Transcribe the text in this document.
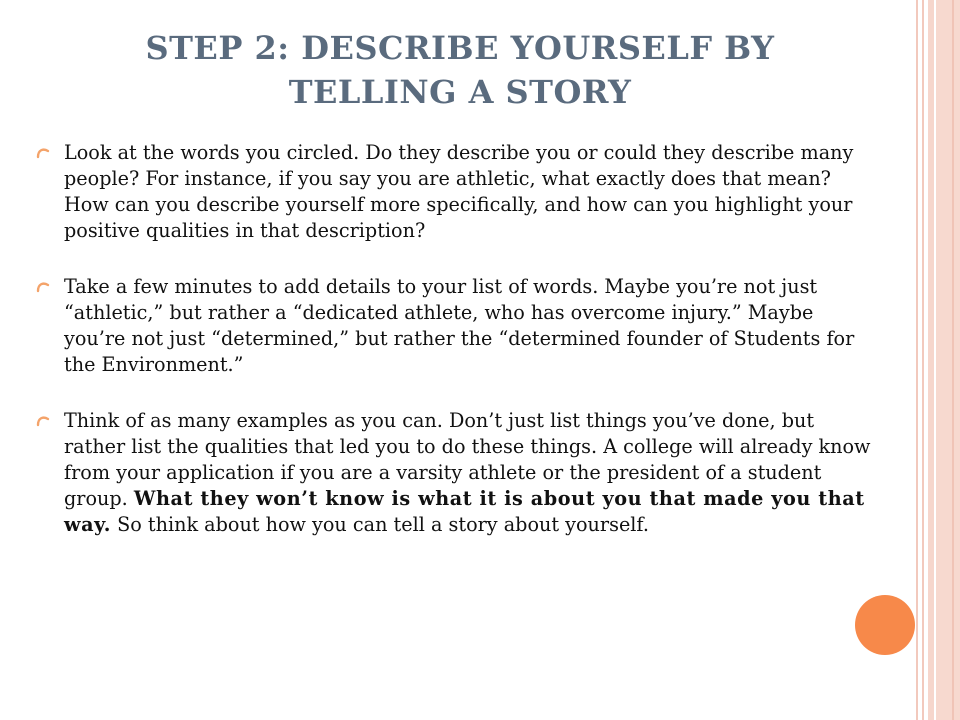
STEP 2: DESCRIBE YOURSELF BY
TELLING A STORY
Look at the words you circled. Do they describe you or could they describe many people? For instance, if you say you are athletic, what exactly does that mean? How can you describe yourself more specifically, and how can you highlight your positive qualities in that description?
Take a few minutes to add details to your list of words. Maybe you’re not just “athletic,” but rather a “dedicated athlete, who has overcome injury.” Maybe you’re not just “determined,” but rather the “determined founder of Students for the Environment.”
Think of as many examples as you can. Don’t just list things you’ve done, but rather list the qualities that led you to do these things. A college will already know from your application if you are a varsity athlete or the president of a student group. What they won’t know is what it is about you that made you that way. So think about how you can tell a story about yourself.
